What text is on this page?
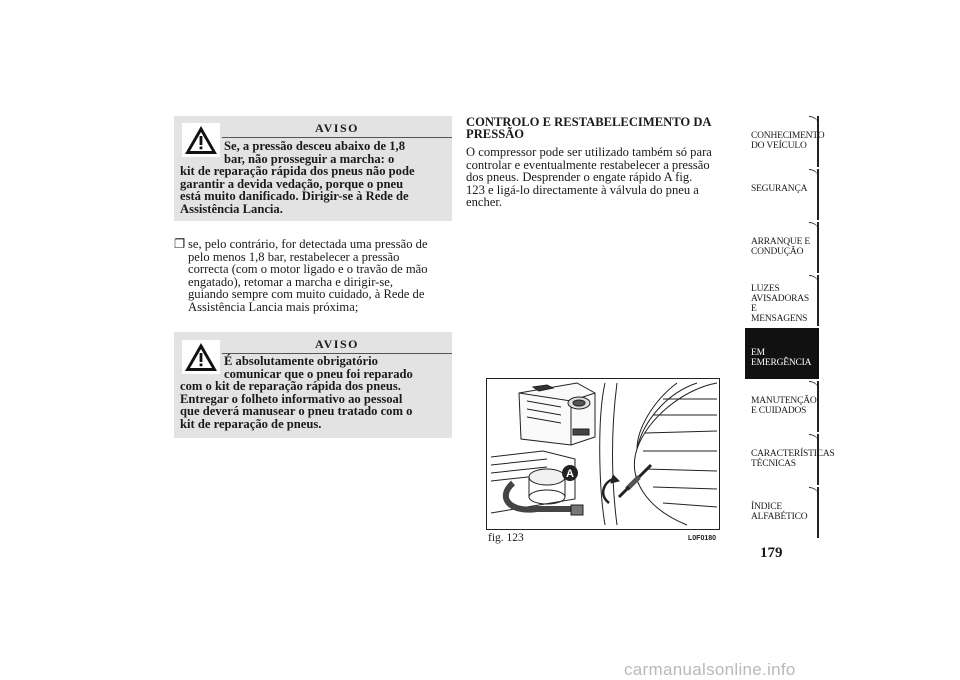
AVISO
Se, a pressão desceu abaixo de 1,8
bar, não prosseguir a marcha: o
kit de reparação rápida dos pneus não pode
garantir a devida vedação, porque o pneu
está muito danificado. Dirigir-se à Rede de
Assistência Lancia.
❐ se, pelo contrário, for detectada uma pressão de
pelo menos 1,8 bar, restabelecer a pressão
correcta (com o motor ligado e o travão de mão
engatado), retomar a marcha e dirigir-se,
guiando sempre com muito cuidado, à Rede de
Assistência Lancia mais próxima;
AVISO
É absolutamente obrigatório
comunicar que o pneu foi reparado
com o kit de reparação rápida dos pneus.
Entregar o folheto informativo ao pessoal
que deverá manusear o pneu tratado com o
kit de reparação de pneus.
CONTROLO E RESTABELECIMENTO DA
PRESSÃO
O compressor pode ser utilizado também só para
controlar e eventualmente restabelecer a pressão
dos pneus. Desprender o engate rápido A fig.
123 e ligá-lo directamente à válvula do pneu a
encher.
A
fig. 123	L0F0180
CONHECIMENTO DO VEÍCULO
SEGURANÇA
ARRANQUE E CONDUÇÃO
LUZES AVISADORAS E MENSAGENS
EM EMERGÊNCIA
MANUTENÇÃO E CUIDADOS
CARACTERÍSTICAS TÉCNICAS
ÍNDICE ALFABÉTICO
179
carmanualsonline.info
